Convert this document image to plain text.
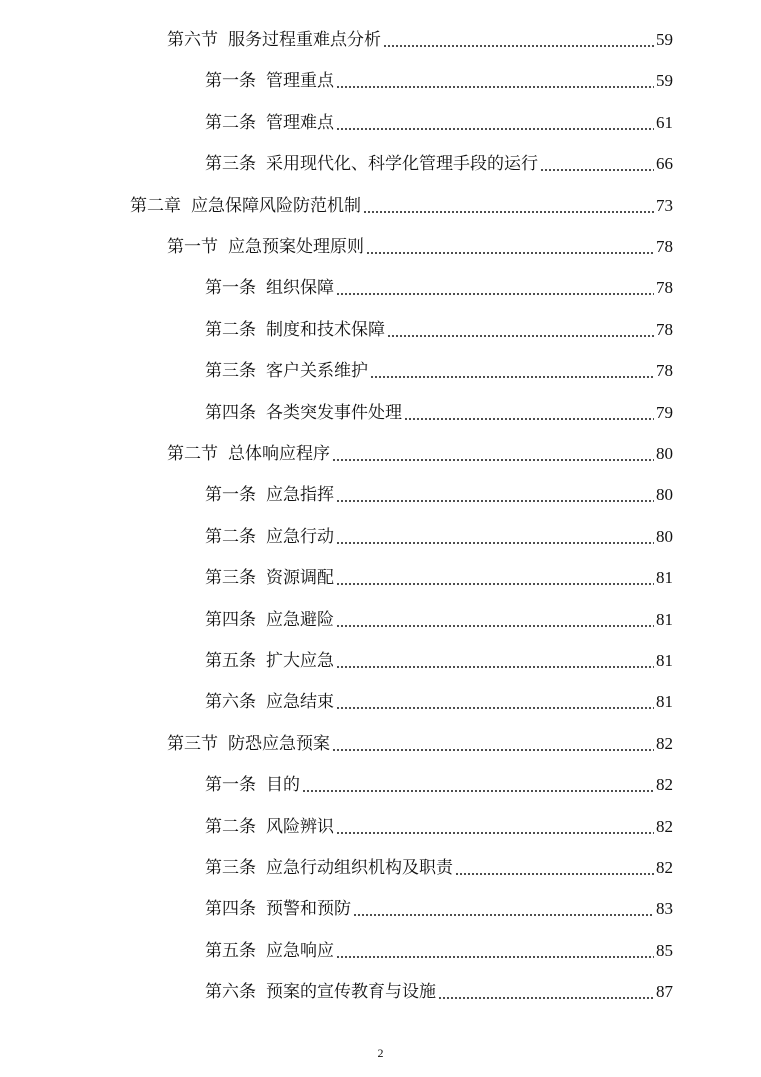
第六节 服务过程重难点分析	59
第一条 管理重点	59
第二条 管理难点	61
第三条 采用现代化、科学化管理手段的运行	66
第二章 应急保障风险防范机制	73
第一节 应急预案处理原则	78
第一条 组织保障	78
第二条 制度和技术保障	78
第三条 客户关系维护	78
第四条 各类突发事件处理	79
第二节 总体响应程序	80
第一条 应急指挥	80
第二条 应急行动	80
第三条 资源调配	81
第四条 应急避险	81
第五条 扩大应急	81
第六条 应急结束	81
第三节 防恐应急预案	82
第一条 目的	82
第二条 风险辨识	82
第三条 应急行动组织机构及职责	82
第四条 预警和预防	83
第五条 应急响应	85
第六条 预案的宣传教育与设施	87
2
